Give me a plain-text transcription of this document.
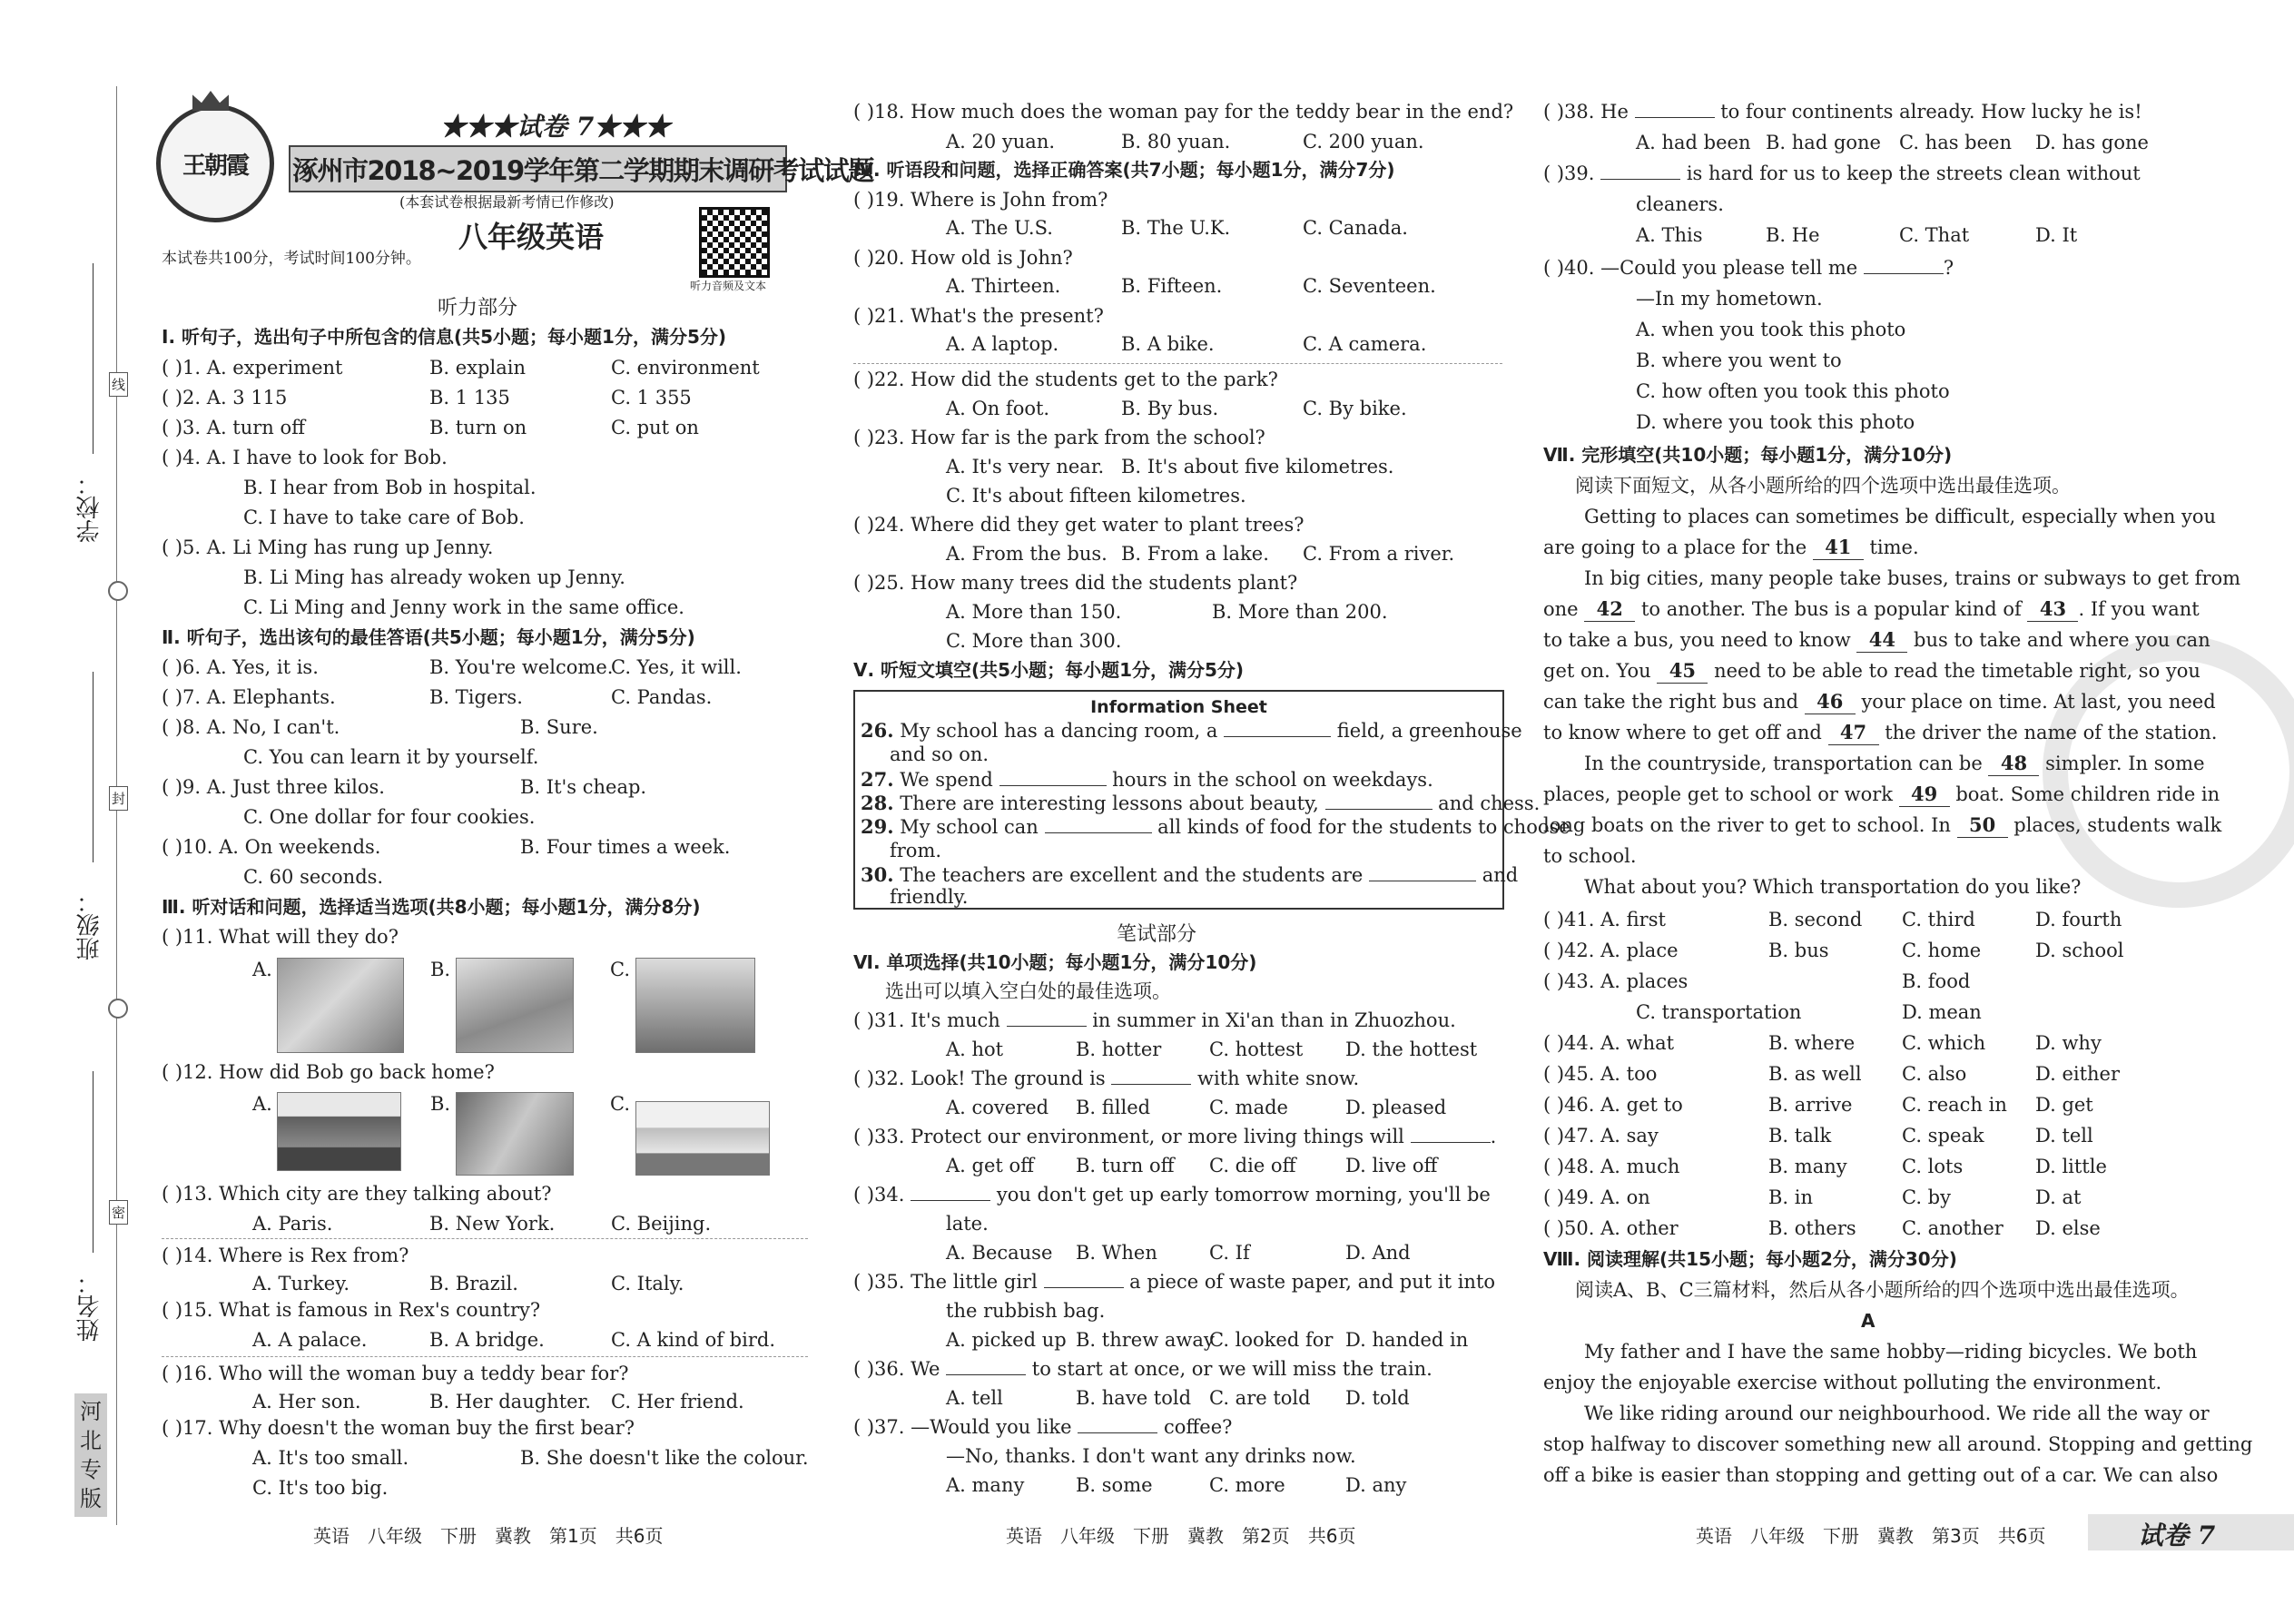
学校：
班级：
姓名：
线
封
密
河
北
专
版
王朝霞
★★★试卷 7★★★
涿州市2018~2019学年第二学期期末调研考试试题
(本套试卷根据最新考情已作修改)
八年级英语
本试卷共100分，考试时间100分钟。
听力音频及文本
听力部分
Ⅰ. 听句子，选出句子中所包含的信息(共5小题；每小题1分，满分5分)
( )1. A. experiment	B. explain	C. environment
( )2. A. 3 115	B. 1 135	C. 1 355
( )3. A. turn off	B. turn on	C. put on
( )4. A. I have to look for Bob.
B. I hear from Bob in hospital.
C. I have to take care of Bob.
( )5. A. Li Ming has rung up Jenny.
B. Li Ming has already woken up Jenny.
C. Li Ming and Jenny work in the same office.
Ⅱ. 听句子，选出该句的最佳答语(共5小题；每小题1分，满分5分)
( )6. A. Yes, it is.	B. You're welcome.
C. Yes, it will.
( )7. A. Elephants.	B. Tigers.	C. Pandas.
( )8. A. No, I can't.	B. Sure.
C. You can learn it by yourself.
( )9. A. Just three kilos.	B. It's cheap.
C. One dollar for four cookies.
( )10. A. On weekends.	B. Four times a week.
C. 60 seconds.
Ⅲ. 听对话和问题，选择适当选项(共8小题；每小题1分，满分8分)
( )11. What will they do?
A.	B.	C.
( )12. How did Bob go back home?
A.	B.	C.
( )13. Which city are they talking about?
A. Paris.	B. New York.	C. Beijing.
( )14. Where is Rex from?
A. Turkey.	B. Brazil.	C. Italy.
( )15. What is famous in Rex's country?
A. A palace.	B. A bridge.	C. A kind of bird.
( )16. Who will the woman buy a teddy bear for?
A. Her son.	B. Her daughter. C. Her friend.
( )17. Why doesn't the woman buy the first bear?
A. It's too small.	B. She doesn't like the colour.
C. It's too big.
英语　八年级　下册　冀教　第1页　共6页
( )18. How much does the woman pay for the teddy bear in the end?
A. 20 yuan.	B. 80 yuan.	C. 200 yuan.
Ⅳ. 听语段和问题，选择正确答案(共7小题；每小题1分，满分7分)
( )19. Where is John from?
A. The U.S.	B. The U.K.	C. Canada.
( )20. How old is John?
A. Thirteen.	B. Fifteen.	C. Seventeen.
( )21. What's the present?
A. A laptop.	B. A bike.	C. A camera.
( )22. How did the students get to the park?
A. On foot.	B. By bus.	C. By bike.
( )23. How far is the park from the school?
A. It's very near. B. It's about five kilometres.
C. It's about fifteen kilometres.
( )24. Where did they get water to plant trees?
A. From the bus. B. From a lake. C. From a river.
( )25. How many trees did the students plant?
A. More than 150.	B. More than 200.
C. More than 300.
Ⅴ. 听短文填空(共5小题；每小题1分，满分5分)
Information Sheet
26. My school has a dancing room, a	field, a greenhouse
and so on.
27. We spend	hours in the school on weekdays.
28. There are interesting lessons about beauty,	and chess.
29. My school can	all kinds of food for the students to choose
from.
30. The teachers are excellent and the students are	and
friendly.
笔试部分
Ⅵ. 单项选择(共10小题；每小题1分，满分10分)
选出可以填入空白处的最佳选项。
( )31. It's much	in summer in Xi'an than in Zhuozhou.
A. hot	B. hotter	C. hottest D. the hottest
( )32. Look! The ground is	with white snow.
A. covered B. filled	C. made	D. pleased
( )33. Protect our environment, or more living things will	.
A. get off B. turn off C. die off	D. live off
( )34.	you don't get up early tomorrow morning, you'll be
late.
A. Because B. When	C. If	D. And
( )35. The little girl	a piece of waste paper, and put it into
the rubbish bag.
A. picked up B. threw away
C. looked for D. handed in
( )36. We	to start at once, or we will miss the train.
A. tell	B. have told C. are told D. told
( )37. —Would you like	coffee?
—No, thanks. I don't want any drinks now.
A. many	B. some	C. more	D. any
英语　八年级　下册　冀教　第2页　共6页
( )38. He	to four continents already. How lucky he is!
A. had been B. had gone C. has been D. has gone
( )39.	is hard for us to keep the streets clean without
cleaners.
A. This	B. He	C. That	D. It
( )40. —Could you please tell me	?
—In my hometown.
A. when you took this photo
B. where you went to
C. how often you took this photo
D. where you took this photo
Ⅶ. 完形填空(共10小题；每小题1分，满分10分)
阅读下面短文，从各小题所给的四个选项中选出最佳选项。
Getting to places can sometimes be difficult, especially when you
are going to a place for the 41 time.
In big cities, many people take buses, trains or subways to get from
one 42 to another. The bus is a popular kind of 43 . If you want
to take a bus, you need to know 44 bus to take and where you can
get on. You 45 need to be able to read the timetable right, so you
can take the right bus and 46 your place on time. At last, you need
to know where to get off and 47 the driver the name of the station.
In the countryside, transportation can be 48 simpler. In some
places, people get to school or work 49 boat. Some children ride in
long boats on the river to get to school. In 50 places, students walk
to school.
What about you? Which transportation do you like?
( )41. A. first	B. second C. third	D. fourth
( )42. A. place	B. bus	C. home	D. school
( )43. A. places	B. food
C. transportation	D. mean
( )44. A. what	B. where C. which	D. why
( )45. A. too	B. as well C. also	D. either
( )46. A. get to	B. arrive	C. reach in D. get
( )47. A. say	B. talk	C. speak	D. tell
( )48. A. much	B. many	C. lots	D. little
( )49. A. on	B. in	C. by	D. at
( )50. A. other	B. others C. another D. else
Ⅷ. 阅读理解(共15小题；每小题2分，满分30分)
阅读A、B、C三篇材料，然后从各小题所给的四个选项中选出最佳选项。
A
My father and I have the same hobby—riding bicycles. We both
enjoy the enjoyable exercise without polluting the environment.
We like riding around our neighbourhood. We ride all the way or
stop halfway to discover something new all around. Stopping and getting
off a bike is easier than stopping and getting out of a car. We can also
英语　八年级　下册　冀教　第3页　共6页	试卷 7
